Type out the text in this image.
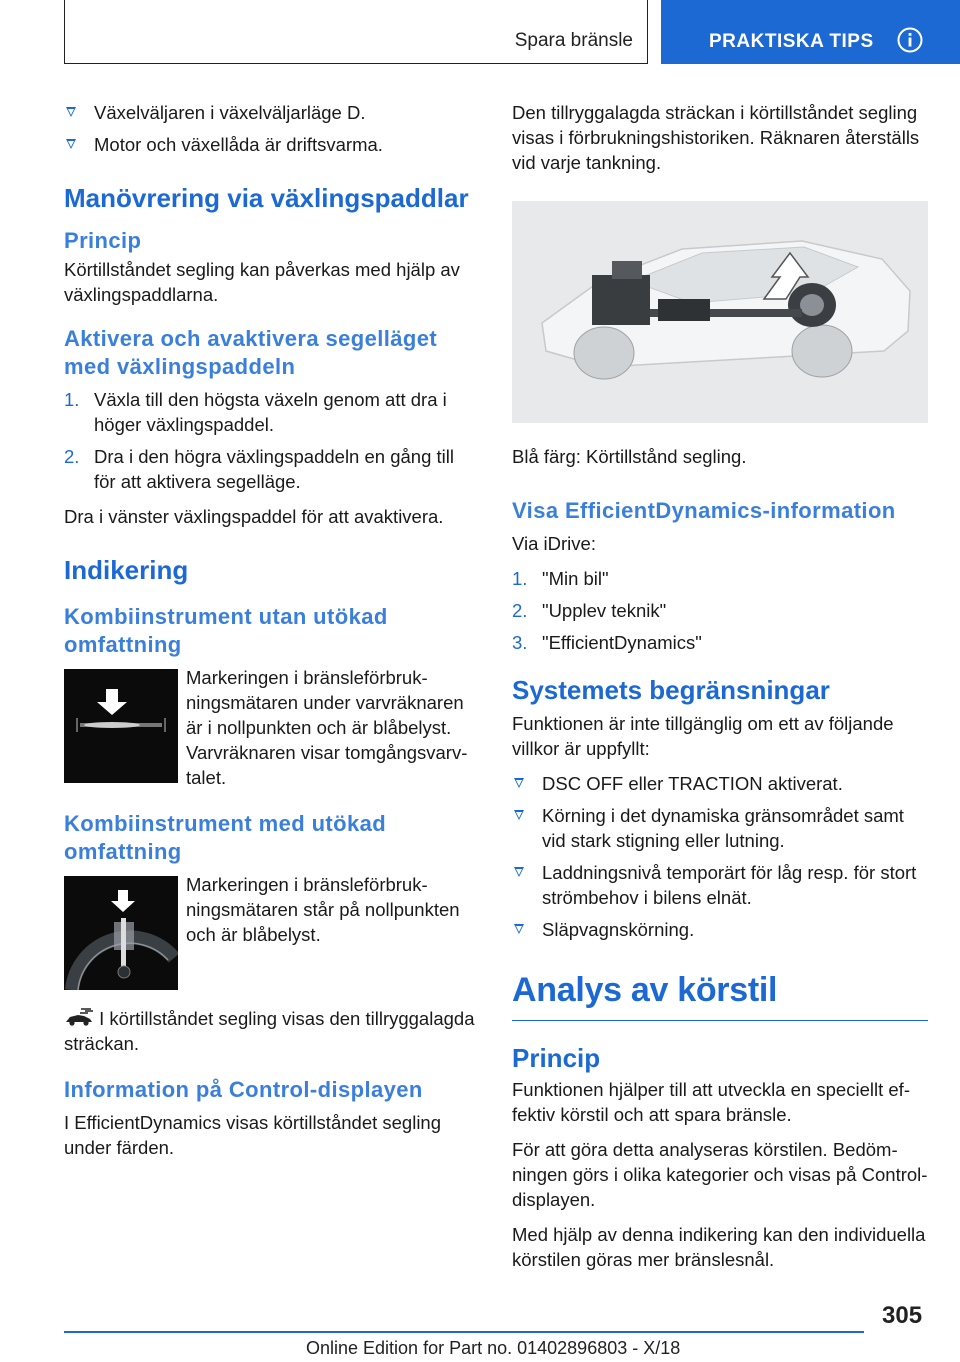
Spara bränsle	PRAKTISKA TIPS
Växelväljaren i växelväljarläge D.
Motor och växellåda är driftsvarma.
Manövrering via växlingspaddlar
Princip

Körtillståndet segling kan påverkas med hjälp av växlingspaddlarna.

Aktivera och avaktivera segelläget med växlingspaddeln
1. Växla till den högsta växeln genom att dra i höger växlingspaddel.
2. Dra i den högra växlingspaddeln en gång till för att aktivera segelläge.

Dra i vänster växlingspaddel för att avaktivera.

Indikering
Kombiinstrument utan utökad omfattning
Markeringen i bränsleförbrukningsmätaren under varvräknaren är i nollpunkten och är blåbelyst. Varvräknaren visar tomgångsvarvtalet.
Kombiinstrument med utökad omfattning
Markeringen i bränsleförbrukningsmätaren står på nollpunkten och är blåbelyst.

I körtillståndet segling visas den tillryggalagda sträckan.

Information på Control-displayen

I EfficientDynamics visas körtillståndet segling under färden.

Den tillryggalagda sträckan i körtillståndet segling visas i förbrukningshistoriken. Räknaren återställs vid varje tankning.

Blå färg: Körtillstånd segling.

Visa EfficientDynamics-information

Via iDrive:

1. "Min bil"
2. "Upplev teknik"
3. "EfficientDynamics"
Systemets begränsningar

Funktionen är inte tillgänglig om ett av följande villkor är uppfyllt:

DSC OFF eller TRACTION aktiverat.
Körning i det dynamiska gränsområdet samt vid stark stigning eller lutning.
Laddningsnivå temporärt för låg resp. för stort strömbehov i bilens elnät.
Släpvagnskörning.
Analys av körstil
Princip

Funktionen hjälper till att utveckla en speciellt effektiv körstil och att spara bränsle.

För att göra detta analyseras körstilen. Bedömningen görs i olika kategorier och visas på Control-displayen.

Med hjälp av denna indikering kan den individuella körstilen göras mer bränslesnål.

305
Online Edition for Part no. 01402896803 - X/18
